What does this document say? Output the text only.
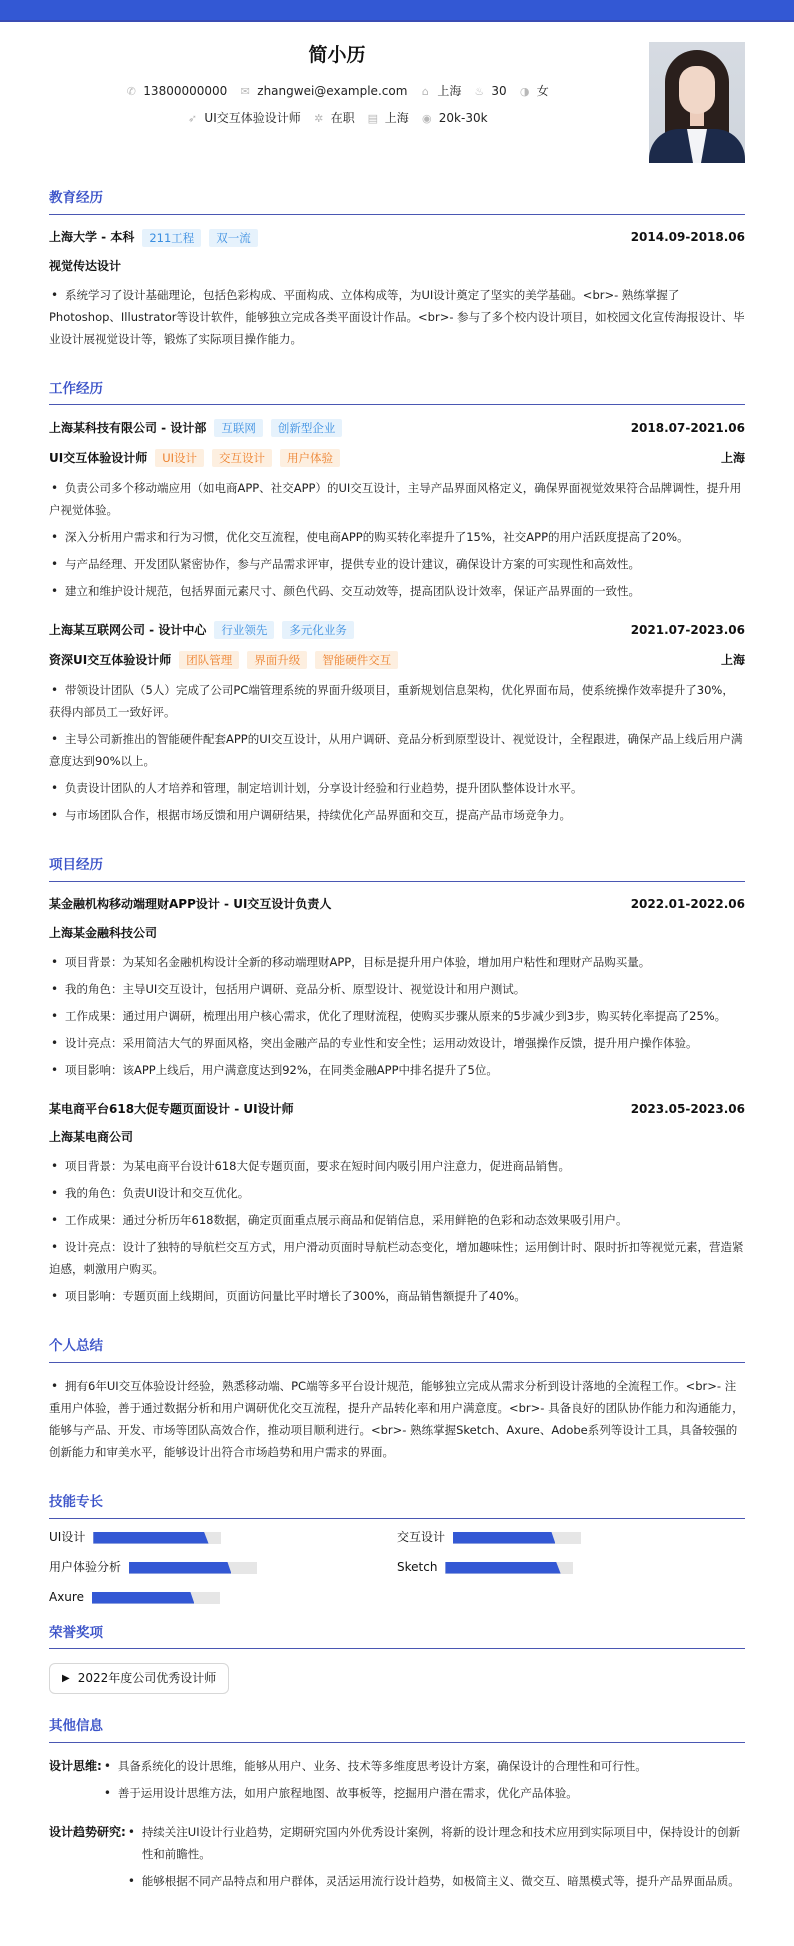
简小历
✆ 13800000000 ✉ zhangwei@example.com ⌂ 上海 ♨ 30 ◑ 女
➶ UI交互体验设计师 ✲ 在职 ▤ 上海 ◉ 20k-30k
教育经历
上海大学 - 本科	211工程	双一流	2014.09-2018.06
视觉传达设计
• 系统学习了设计基础理论，包括色彩构成、平面构成、立体构成等，为UI设计奠定了坚实的美学基础。<br>- 熟练掌握了Photoshop、Illustrator等设计软件，能够独立完成各类平面设计作品。<br>- 参与了多个校内设计项目，如校园文化宣传海报设计、毕业设计展视觉设计等，锻炼了实际项目操作能力。
工作经历
上海某科技有限公司 - 设计部	互联网	创新型企业	2018.07-2021.06
UI交互体验设计师	UI设计	交互设计	用户体验	上海
• 负责公司多个移动端应用（如电商APP、社交APP）的UI交互设计，主导产品界面风格定义，确保界面视觉效果符合品牌调性，提升用户视觉体验。
• 深入分析用户需求和行为习惯，优化交互流程，使电商APP的购买转化率提升了15%，社交APP的用户活跃度提高了20%。
• 与产品经理、开发团队紧密协作，参与产品需求评审，提供专业的设计建议，确保设计方案的可实现性和高效性。
• 建立和维护设计规范，包括界面元素尺寸、颜色代码、交互动效等，提高团队设计效率，保证产品界面的一致性。
上海某互联网公司 - 设计中心	行业领先	多元化业务	2021.07-2023.06
资深UI交互体验设计师	团队管理	界面升级	智能硬件交互	上海
• 带领设计团队（5人）完成了公司PC端管理系统的界面升级项目，重新规划信息架构，优化界面布局，使系统操作效率提升了30%，获得内部员工一致好评。
• 主导公司新推出的智能硬件配套APP的UI交互设计，从用户调研、竞品分析到原型设计、视觉设计，全程跟进，确保产品上线后用户满意度达到90%以上。
• 负责设计团队的人才培养和管理，制定培训计划，分享设计经验和行业趋势，提升团队整体设计水平。
• 与市场团队合作，根据市场反馈和用户调研结果，持续优化产品界面和交互，提高产品市场竞争力。
项目经历
某金融机构移动端理财APP设计 - UI交互设计负责人	2022.01-2022.06
上海某金融科技公司
• 项目背景：为某知名金融机构设计全新的移动端理财APP，目标是提升用户体验，增加用户粘性和理财产品购买量。
• 我的角色：主导UI交互设计，包括用户调研、竞品分析、原型设计、视觉设计和用户测试。
• 工作成果：通过用户调研，梳理出用户核心需求，优化了理财流程，使购买步骤从原来的5步减少到3步，购买转化率提高了25%。
• 设计亮点：采用简洁大气的界面风格，突出金融产品的专业性和安全性；运用动效设计，增强操作反馈，提升用户操作体验。
• 项目影响：该APP上线后，用户满意度达到92%，在同类金融APP中排名提升了5位。
某电商平台618大促专题页面设计 - UI设计师	2023.05-2023.06
上海某电商公司
• 项目背景：为某电商平台设计618大促专题页面，要求在短时间内吸引用户注意力，促进商品销售。
• 我的角色：负责UI设计和交互优化。
• 工作成果：通过分析历年618数据，确定页面重点展示商品和促销信息，采用鲜艳的色彩和动态效果吸引用户。
• 设计亮点：设计了独特的导航栏交互方式，用户滑动页面时导航栏动态变化，增加趣味性；运用倒计时、限时折扣等视觉元素，营造紧迫感，刺激用户购买。
• 项目影响：专题页面上线期间，页面访问量比平时增长了300%，商品销售额提升了40%。
个人总结
• 拥有6年UI交互体验设计经验，熟悉移动端、PC端等多平台设计规范，能够独立完成从需求分析到设计落地的全流程工作。<br>- 注重用户体验，善于通过数据分析和用户调研优化交互流程，提升产品转化率和用户满意度。<br>- 具备良好的团队协作能力和沟通能力，能够与产品、开发、市场等团队高效合作，推动项目顺利进行。<br>- 熟练掌握Sketch、Axure、Adobe系列等设计工具，具备较强的创新能力和审美水平，能够设计出符合市场趋势和用户需求的界面。
技能专长
UI设计	交互设计
用户体验分析	Sketch
Axure
荣誉奖项
▶ 2022年度公司优秀设计师
其他信息
设计思维:	• 具备系统化的设计思维，能够从用户、业务、技术等多维度思考设计方案，确保设计的合理性和可行性。
• 善于运用设计思维方法，如用户旅程地图、故事板等，挖掘用户潜在需求，优化产品体验。
设计趋势研究:	• 持续关注UI设计行业趋势，定期研究国内外优秀设计案例，将新的设计理念和技术应用到实际项目中，保持设计的创新性和前瞻性。
• 能够根据不同产品特点和用户群体，灵活运用流行设计趋势，如极简主义、微交互、暗黑模式等，提升产品界面品质。
